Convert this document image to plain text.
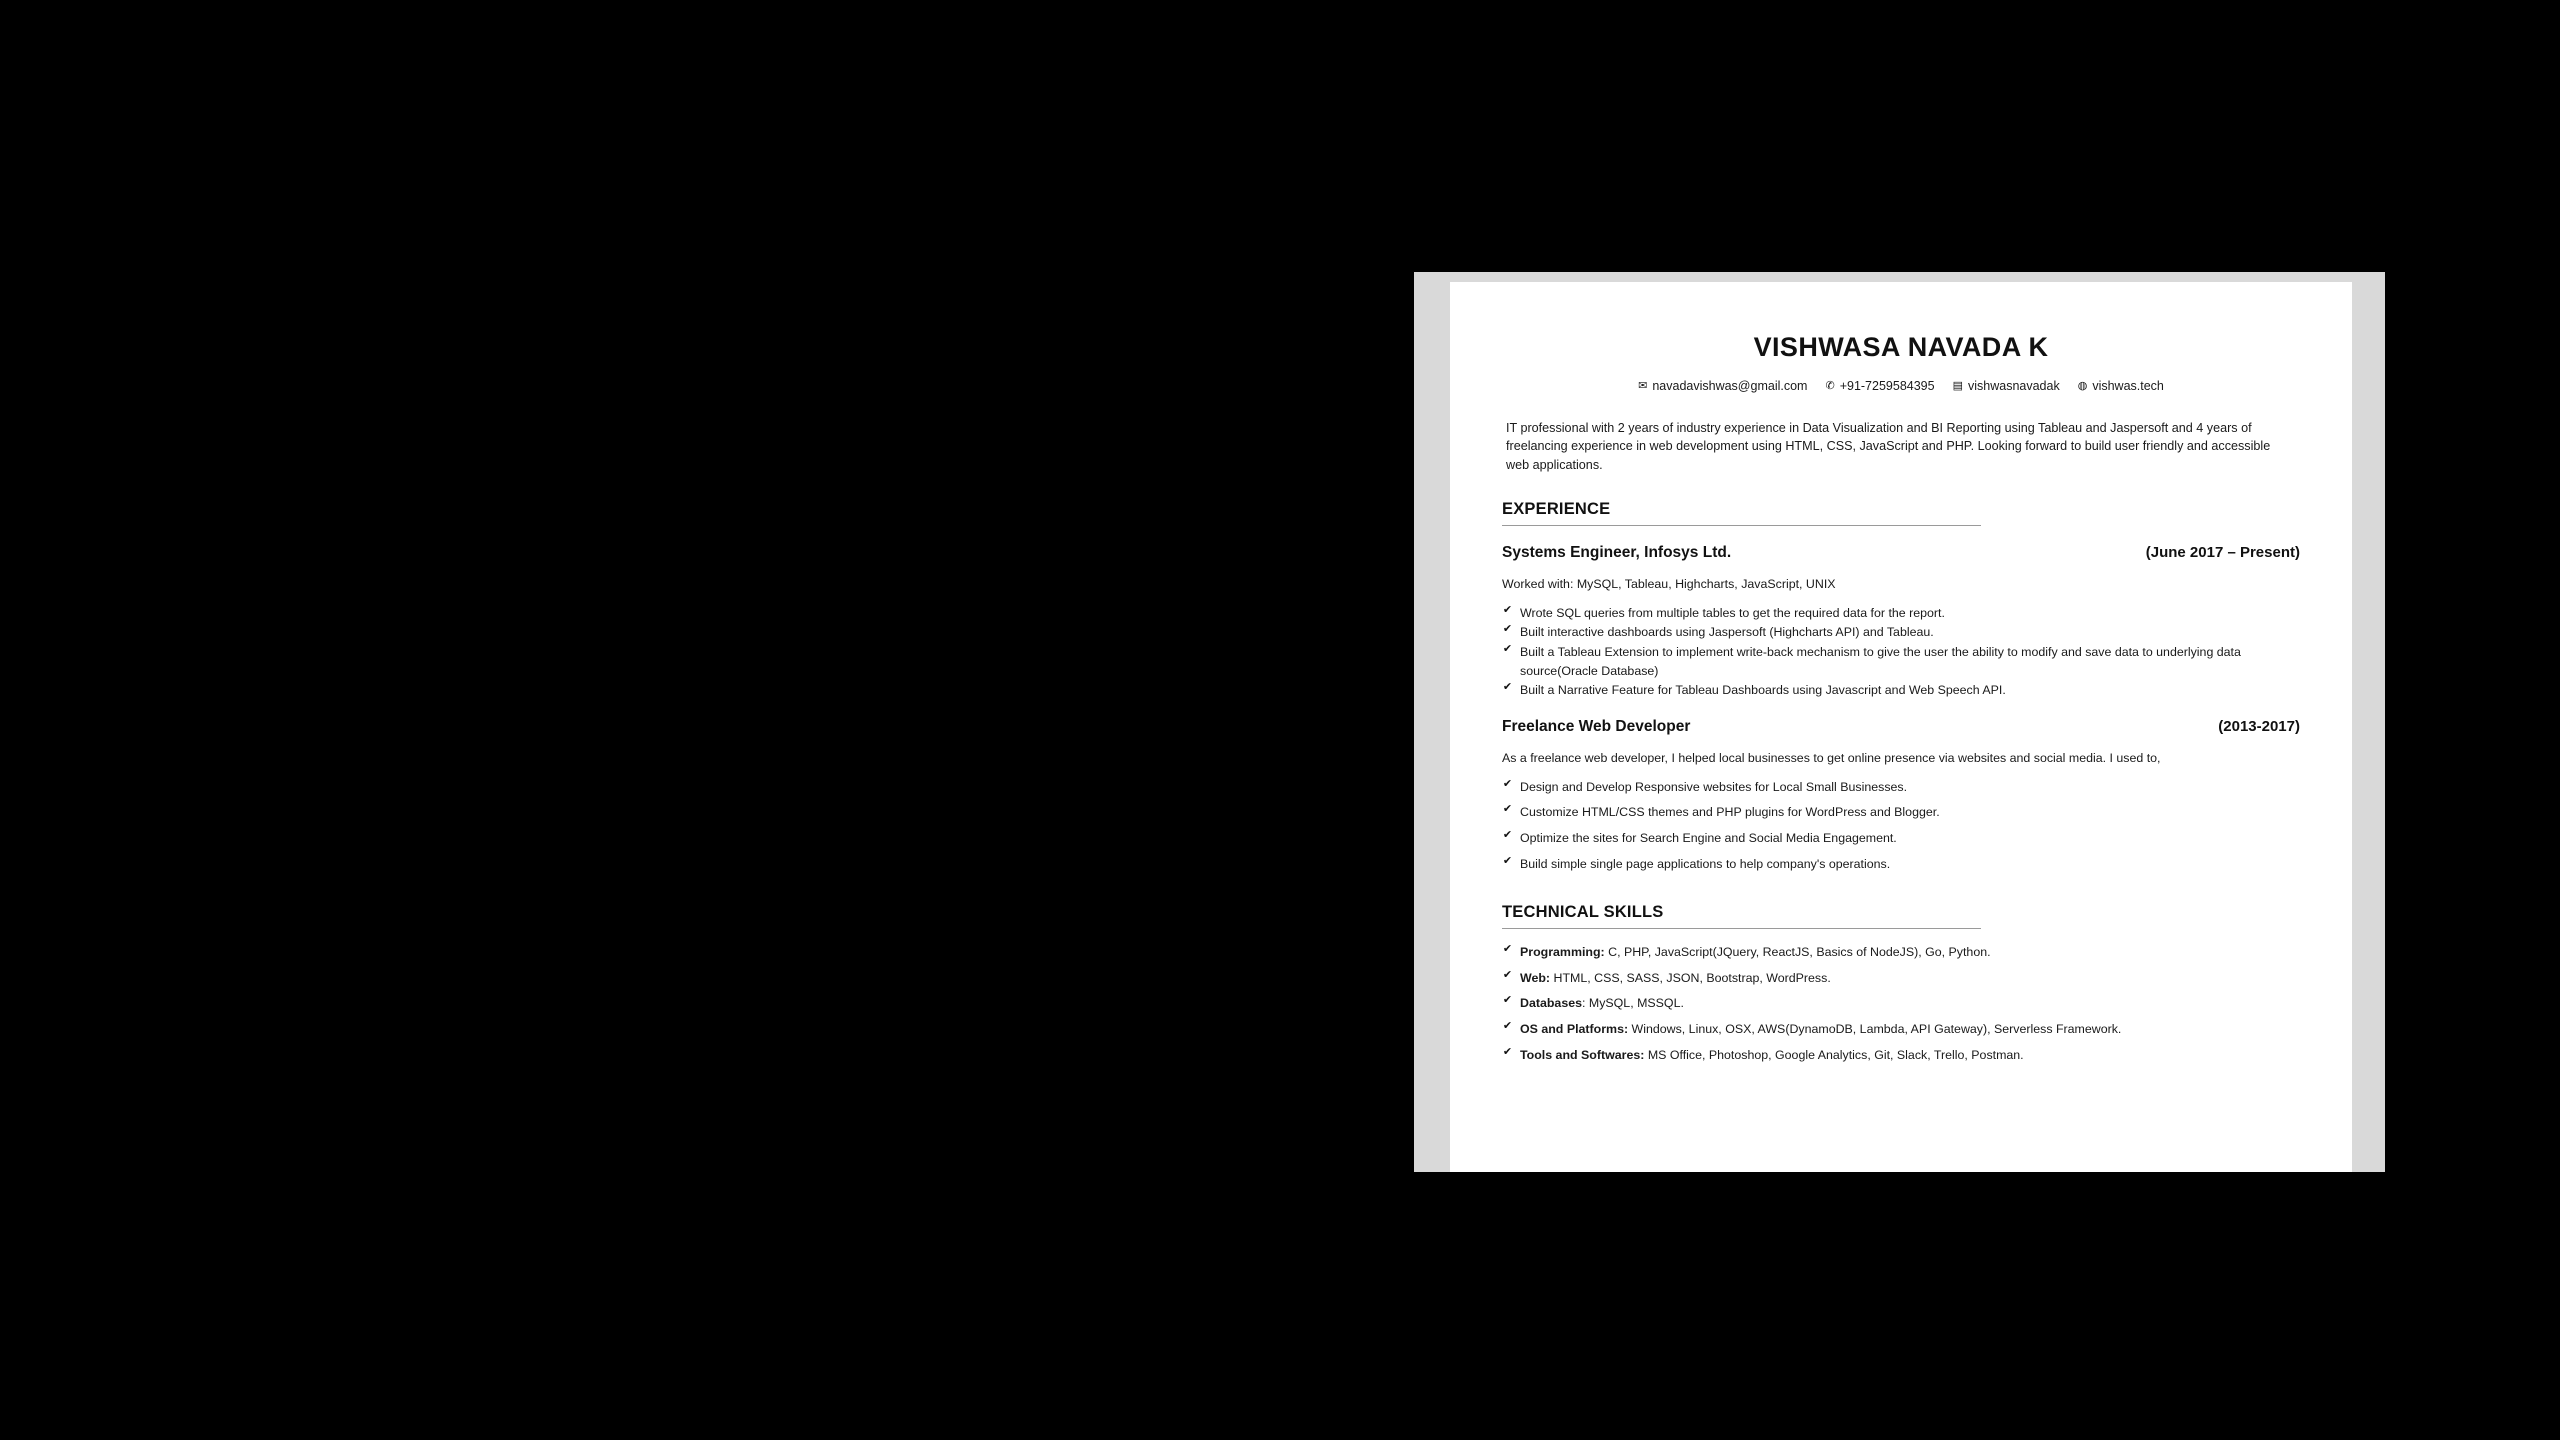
VISHWASA NAVADA K
✉ navadavishwas@gmail.com ✆ +91-7259584395 ▤ vishwasnavadak ◍ vishwas.tech
IT professional with 2 years of industry experience in Data Visualization and BI Reporting using Tableau and Jaspersoft and 4 years of freelancing experience in web development using HTML, CSS, JavaScript and PHP. Looking forward to build user friendly and accessible web applications.
EXPERIENCE
Systems Engineer, Infosys Ltd.	(June 2017 – Present)
Worked with: MySQL, Tableau, Highcharts, JavaScript, UNIX
✔ Wrote SQL queries from multiple tables to get the required data for the report.
✔ Built interactive dashboards using Jaspersoft (Highcharts API) and Tableau.
✔ Built a Tableau Extension to implement write-back mechanism to give the user the ability to modify and save data to underlying data source(Oracle Database)
✔ Built a Narrative Feature for Tableau Dashboards using Javascript and Web Speech API.
Freelance Web Developer	(2013-2017)
As a freelance web developer, I helped local businesses to get online presence via websites and social media. I used to,
✔ Design and Develop Responsive websites for Local Small Businesses.
✔ Customize HTML/CSS themes and PHP plugins for WordPress and Blogger.
✔ Optimize the sites for Search Engine and Social Media Engagement.
✔ Build simple single page applications to help company's operations.
TECHNICAL SKILLS
✔ Programming: C, PHP, JavaScript(JQuery, ReactJS, Basics of NodeJS), Go, Python.
✔ Web: HTML, CSS, SASS, JSON, Bootstrap, WordPress.
✔ Databases: MySQL, MSSQL.
✔ OS and Platforms: Windows, Linux, OSX, AWS(DynamoDB, Lambda, API Gateway), Serverless Framework.
✔ Tools and Softwares: MS Office, Photoshop, Google Analytics, Git, Slack, Trello, Postman.
